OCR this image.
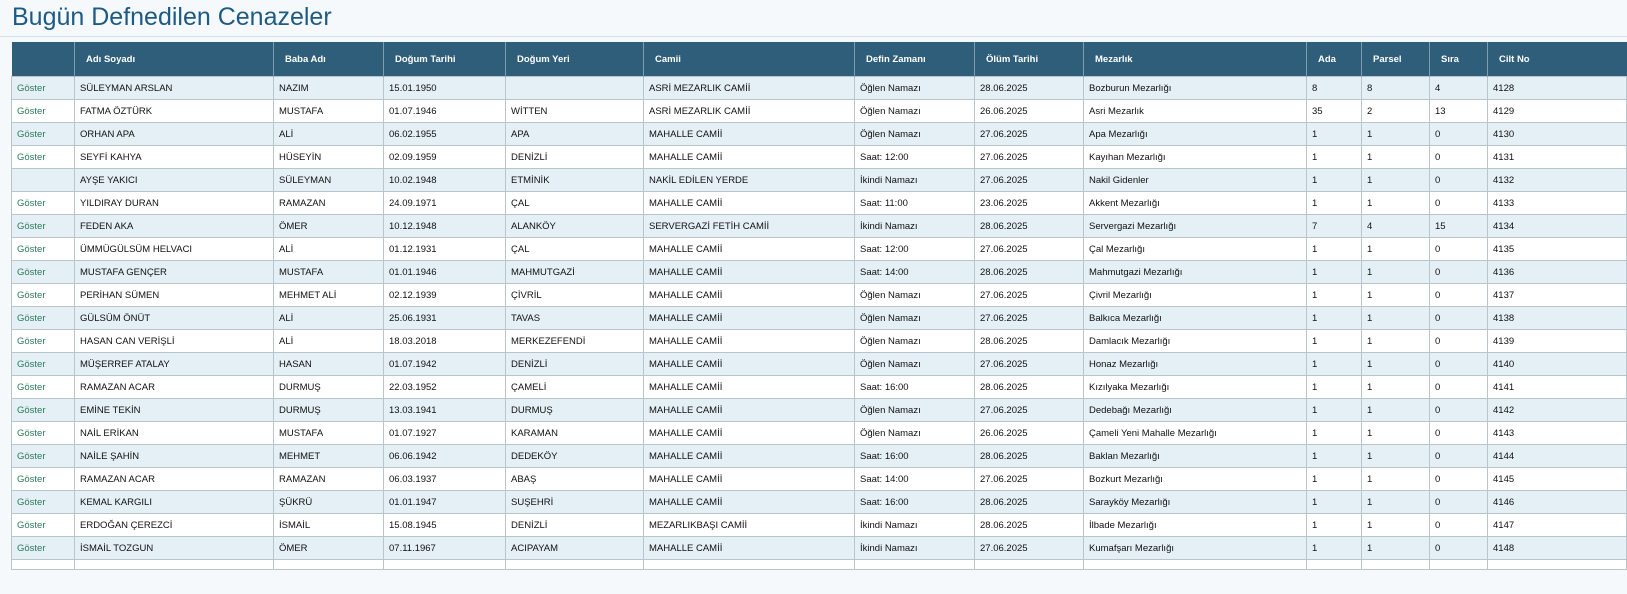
Bugün Defnedilen Cenazeler
	Adı Soyadı	Baba Adı	Doğum Tarihi	Doğum Yeri	Camii	Defin Zamanı	Ölüm Tarihi	Mezarlık	Ada	Parsel	Sıra	Cilt No
Göster	SÜLEYMAN ARSLAN	NAZIM	15.01.1950		ASRİ MEZARLIK CAMİİ	Öğlen Namazı	28.06.2025	Bozburun Mezarlığı	8	8	4	4128
Göster	FATMA ÖZTÜRK	MUSTAFA	01.07.1946	WİTTEN	ASRİ MEZARLIK CAMİİ	Öğlen Namazı	26.06.2025	Asri Mezarlık	35	2	13	4129
Göster	ORHAN APA	ALİ	06.02.1955	APA	MAHALLE CAMİİ	Öğlen Namazı	27.06.2025	Apa Mezarlığı	1	1	0	4130
Göster	SEYFİ KAHYA	HÜSEYİN	02.09.1959	DENİZLİ	MAHALLE CAMİİ	Saat: 12:00	27.06.2025	Kayıhan Mezarlığı	1	1	0	4131
	AYŞE YAKICI	SÜLEYMAN	10.02.1948	ETMİNİK	NAKİL EDİLEN YERDE	İkindi Namazı	27.06.2025	Nakil Gidenler	1	1	0	4132
Göster	YILDIRAY DURAN	RAMAZAN	24.09.1971	ÇAL	MAHALLE CAMİİ	Saat: 11:00	23.06.2025	Akkent Mezarlığı	1	1	0	4133
Göster	FEDEN AKA	ÖMER	10.12.1948	ALANKÖY	SERVERGAZİ FETİH CAMİİ	İkindi Namazı	28.06.2025	Servergazi Mezarlığı	7	4	15	4134
Göster	ÜMMÜGÜLSÜM HELVACI	ALİ	01.12.1931	ÇAL	MAHALLE CAMİİ	Saat: 12:00	27.06.2025	Çal Mezarlığı	1	1	0	4135
Göster	MUSTAFA GENÇER	MUSTAFA	01.01.1946	MAHMUTGAZİ	MAHALLE CAMİİ	Saat: 14:00	28.06.2025	Mahmutgazi Mezarlığı	1	1	0	4136
Göster	PERİHAN SÜMEN	MEHMET ALİ	02.12.1939	ÇİVRİL	MAHALLE CAMİİ	Öğlen Namazı	27.06.2025	Çivril Mezarlığı	1	1	0	4137
Göster	GÜLSÜM ÖNÜT	ALİ	25.06.1931	TAVAS	MAHALLE CAMİİ	Öğlen Namazı	27.06.2025	Balkıca Mezarlığı	1	1	0	4138
Göster	HASAN CAN VERİŞLİ	ALİ	18.03.2018	MERKEZEFENDİ	MAHALLE CAMİİ	Öğlen Namazı	28.06.2025	Damlacık Mezarlığı	1	1	0	4139
Göster	MÜŞERREF ATALAY	HASAN	01.07.1942	DENİZLİ	MAHALLE CAMİİ	Öğlen Namazı	27.06.2025	Honaz Mezarlığı	1	1	0	4140
Göster	RAMAZAN ACAR	DURMUŞ	22.03.1952	ÇAMELİ	MAHALLE CAMİİ	Saat: 16:00	28.06.2025	Kızılyaka Mezarlığı	1	1	0	4141
Göster	EMİNE TEKİN	DURMUŞ	13.03.1941	DURMUŞ	MAHALLE CAMİİ	Öğlen Namazı	27.06.2025	Dedebağı Mezarlığı	1	1	0	4142
Göster	NAİL ERİKAN	MUSTAFA	01.07.1927	KARAMAN	MAHALLE CAMİİ	Öğlen Namazı	26.06.2025	Çameli Yeni Mahalle Mezarlığı	1	1	0	4143
Göster	NAİLE ŞAHİN	MEHMET	06.06.1942	DEDEKÖY	MAHALLE CAMİİ	Saat: 16:00	28.06.2025	Baklan Mezarlığı	1	1	0	4144
Göster	RAMAZAN ACAR	RAMAZAN	06.03.1937	ABAŞ	MAHALLE CAMİİ	Saat: 14:00	27.06.2025	Bozkurt Mezarlığı	1	1	0	4145
Göster	KEMAL KARGILI	ŞÜKRÜ	01.01.1947	SUŞEHRİ	MAHALLE CAMİİ	Saat: 16:00	28.06.2025	Sarayköy Mezarlığı	1	1	0	4146
Göster	ERDOĞAN ÇEREZCİ	İSMAİL	15.08.1945	DENİZLİ	MEZARLIKBAŞI CAMİİ	İkindi Namazı	28.06.2025	İlbade Mezarlığı	1	1	0	4147
Göster	İSMAİL TOZGUN	ÖMER	07.11.1967	ACIPAYAM	MAHALLE CAMİİ	İkindi Namazı	27.06.2025	Kumafşarı Mezarlığı	1	1	0	4148
